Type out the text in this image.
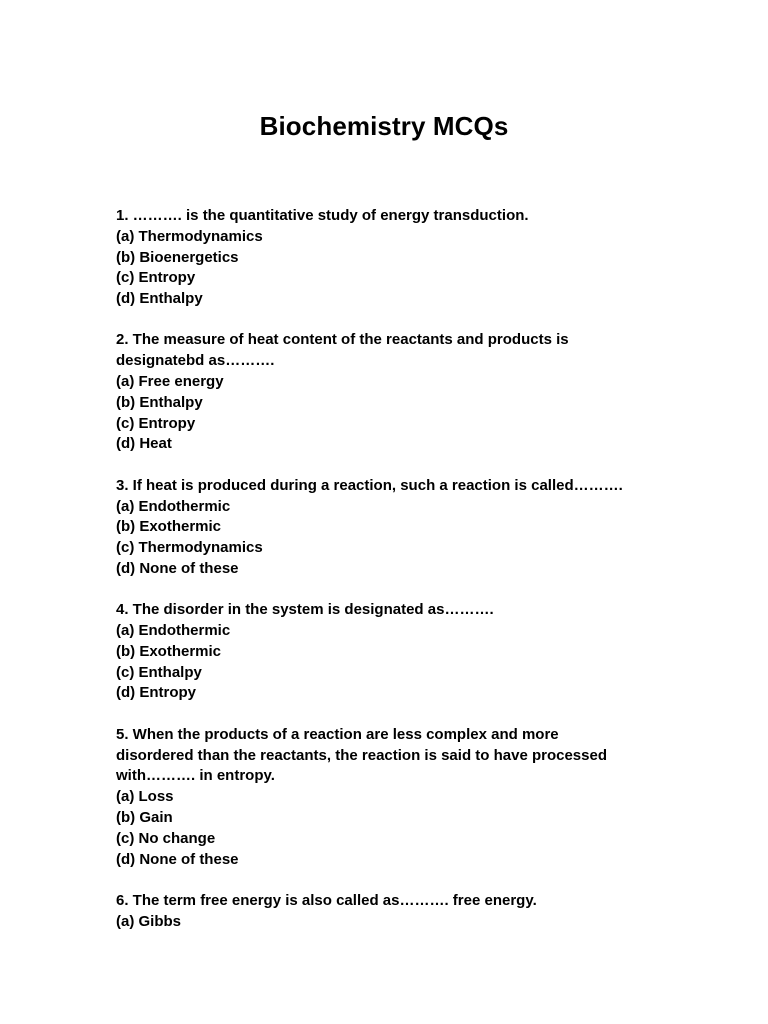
Biochemistry MCQs
1. ………. is the quantitative study of energy transduction.
(a) Thermodynamics
(b) Bioenergetics
(c) Entropy
(d) Enthalpy
2. The measure of heat content of the reactants and products is
designatebd as……….
(a) Free energy
(b) Enthalpy
(c) Entropy
(d) Heat
3. If heat is produced during a reaction, such a reaction is called……….
(a) Endothermic
(b) Exothermic
(c) Thermodynamics
(d) None of these
4. The disorder in the system is designated as……….
(a) Endothermic
(b) Exothermic
(c) Enthalpy
(d) Entropy
5. When the products of a reaction are less complex and more
disordered than the reactants, the reaction is said to have processed
with………. in entropy.
(a) Loss
(b) Gain
(c) No change
(d) None of these
6. The term free energy is also called as………. free energy.
(a) Gibbs
